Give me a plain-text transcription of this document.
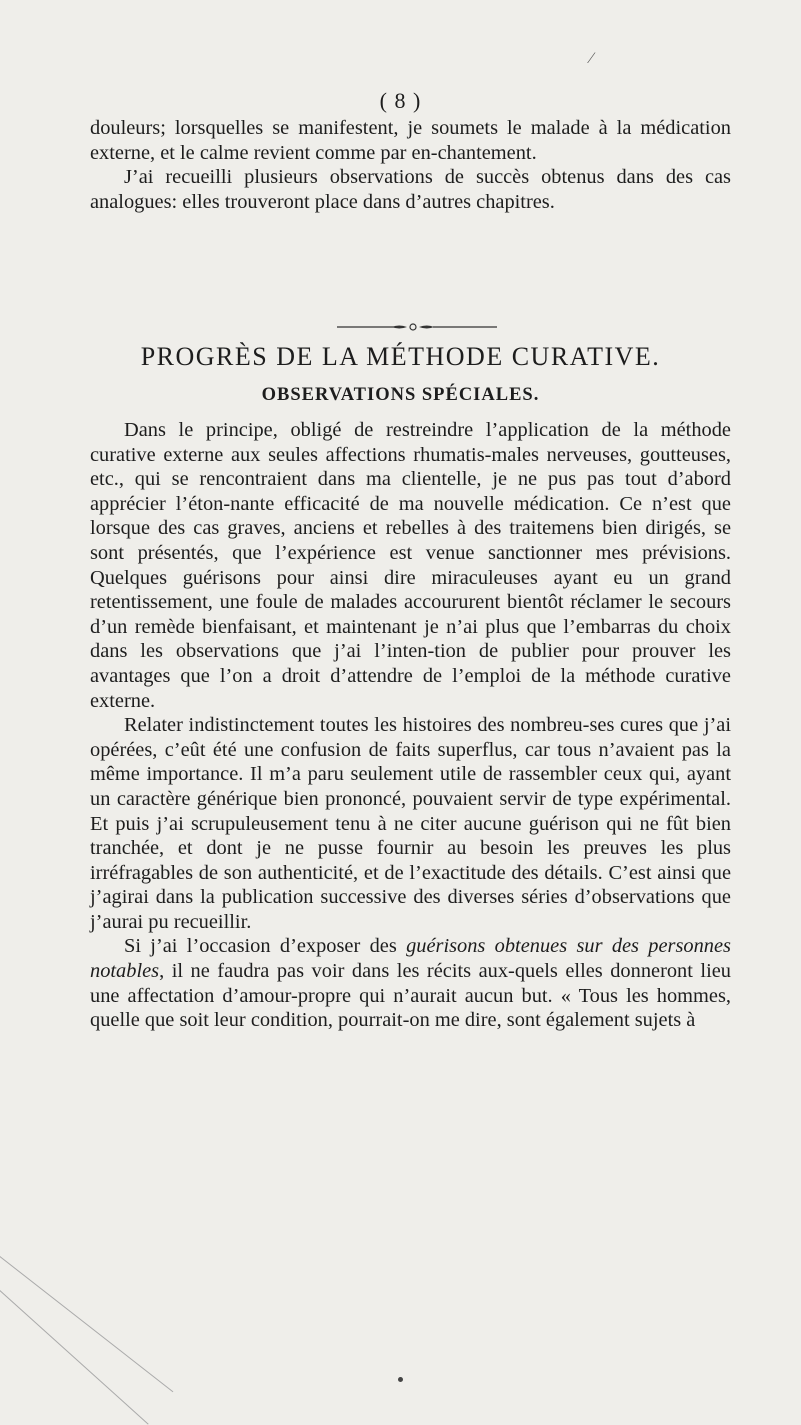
∕
( 8 )

douleurs; lorsquelles se manifestent, je soumets le malade à la médication externe, et le calme revient comme par en-chantement.

J’ai recueilli plusieurs observations de succès obtenus dans des cas analogues: elles trouveront place dans d’autres chapitres.

PROGRÈS DE LA MÉTHODE CURATIVE.
OBSERVATIONS SPÉCIALES.

Dans le principe, obligé de restreindre l’application de la méthode curative externe aux seules affections rhumatis-males nerveuses, goutteuses, etc., qui se rencontraient dans ma clientelle, je ne pus pas tout d’abord apprécier l’éton-nante efficacité de ma nouvelle médication. Ce n’est que lorsque des cas graves, anciens et rebelles à des traitemens bien dirigés, se sont présentés, que l’expérience est venue sanctionner mes prévisions. Quelques guérisons pour ainsi dire miraculeuses ayant eu un grand retentissement, une foule de malades accoururent bientôt réclamer le secours d’un remède bienfaisant, et maintenant je n’ai plus que l’embarras du choix dans les observations que j’ai l’inten-tion de publier pour prouver les avantages que l’on a droit d’attendre de l’emploi de la méthode curative externe.

Relater indistinctement toutes les histoires des nombreu-ses cures que j’ai opérées, c’eût été une confusion de faits superflus, car tous n’avaient pas la même importance. Il m’a paru seulement utile de rassembler ceux qui, ayant un caractère générique bien prononcé, pouvaient servir de type expérimental. Et puis j’ai scrupuleusement tenu à ne citer aucune guérison qui ne fût bien tranchée, et dont je ne pusse fournir au besoin les preuves les plus irréfragables de son authenticité, et de l’exactitude des détails. C’est ainsi que j’agirai dans la publication successive des diverses séries d’observations que j’aurai pu recueillir.

Si j’ai l’occasion d’exposer des guérisons obtenues sur des personnes notables, il ne faudra pas voir dans les récits aux-quels elles donneront lieu une affectation d’amour-propre qui n’aurait aucun but. « Tous les hommes, quelle que soit leur condition, pourrait-on me dire, sont également sujets à
